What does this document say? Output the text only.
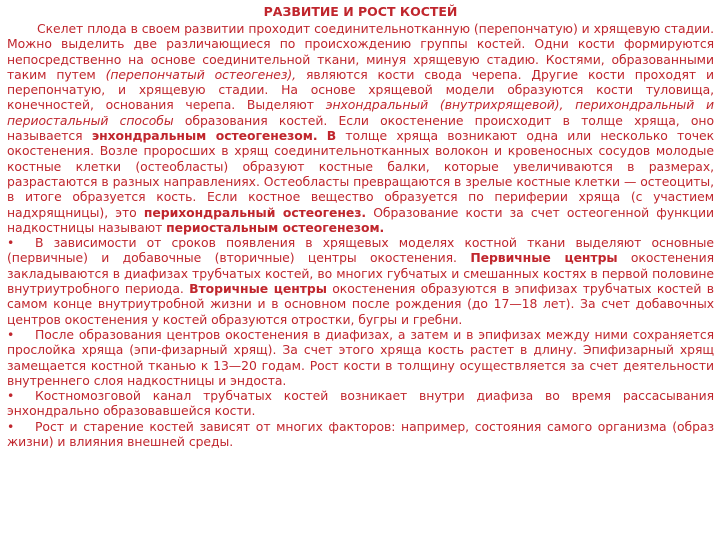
РАЗВИТИЕ И РОСТ КОСТЕЙ

Скелет плода в своем развитии проходит соединительнотканную (перепончатую) и хрящевую стадии. Можно выделить две различающиеся по происхождению группы костей. Одни кости формируются непосредственно на основе соединительной ткани, минуя хрящевую стадию. Костями, образованными таким путем (перепончатый остеогенез), являются кости свода черепа. Другие кости проходят и перепончатую, и хрящевую стадии. На основе хрящевой модели образуются кости туловища, конечностей, основания черепа. Выделяют энхондральный (внутрихрящевой), перихондральный и периостальный способы образования костей. Если окостенение происходит в толще хряща, оно называется энхондральным остеогенезом. В толще хряща возникают одна или несколько точек окостенения. Возле проросших в хрящ соединительнотканных волокон и кровеносных сосудов молодые костные клетки (остеобласты) образуют костные балки, которые увеличиваются в размерах, разрастаются в разных направлениях. Остеобласты превращаются в зрелые костные клетки — остеоциты, в итоге образуется кость. Если костное вещество образуется по периферии хряща (с участием надхрящницы), это перихондральный остеогенез. Образование кости за счет остеогенной функции надкостницы называют периостальным остеогенезом.

• В зависимости от сроков появления в хрящевых моделях костной ткани выделяют основные (первичные) и добавочные (вторичные) центры окостенения. Первичные центры окостенения закладываются в диафизах трубчатых костей, во многих губчатых и смешанных костях в первой половине внутриутробного периода. Вторичные центры окостенения образуются в эпифизах трубчатых костей в самом конце внутриутробной жизни и в основном после рождения (до 17—18 лет). За счет добавочных центров окостенения у костей образуются отростки, бугры и гребни.

• После образования центров окостенения в диафизах, а затем и в эпифизах между ними сохраняется прослойка хряща (эпи-физарный хрящ). За счет этого хряща кость растет в длину. Эпифизарный хрящ замещается костной тканью к 13—20 годам. Рост кости в толщину осуществляется за счет деятельности внутреннего слоя надкостницы и эндоста.

• Костномозговой канал трубчатых костей возникает внутри диафиза во время рассасывания энхондрально образовавшейся кости.

• Рост и старение костей зависят от многих факторов: например, состояния самого организма (образ жизни) и влияния внешней среды.
